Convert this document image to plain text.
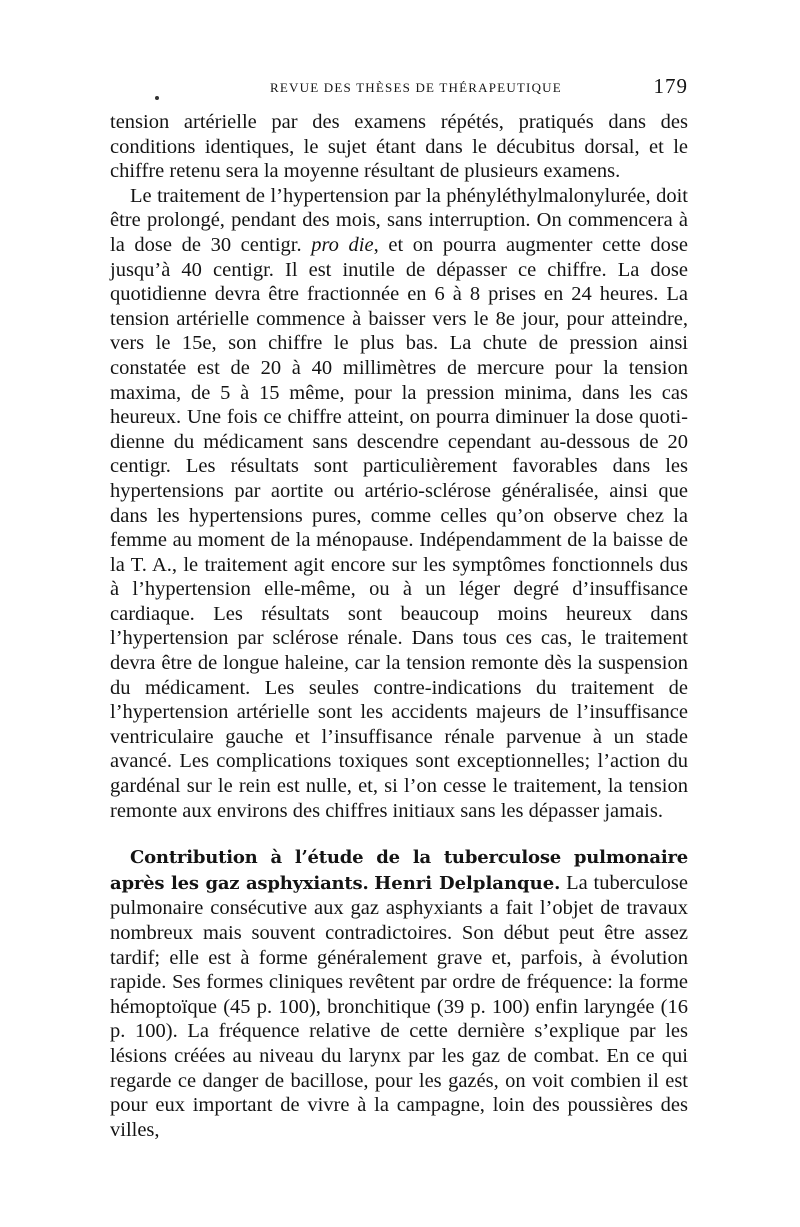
REVUE DES THÈSES DE THÉRAPEUTIQUE	179

tension artérielle par des examens répétés, pratiqués dans des conditions identiques, le sujet étant dans le décubitus dorsal, et le chiffre retenu sera la moyenne résultant de plusieurs examens.

Le traitement de l’hypertension par la phényléthylmalonylurée, doit être prolongé, pendant des mois, sans interruption. On commencera à la dose de 30 centigr. pro die, et on pourra augmenter cette dose jusqu’à 40 centigr. Il est inutile de dépasser ce chiffre. La dose quotidienne devra être fractionnée en 6 à 8 prises en 24 heures. La tension artérielle commence à baisser vers le 8e jour, pour atteindre, vers le 15e, son chiffre le plus bas. La chute de pression ainsi constatée est de 20 à 40 millimètres de mercure pour la tension maxima, de 5 à 15 même, pour la pression minima, dans les cas heureux. Une fois ce chiffre atteint, on pourra diminuer la dose quotidienne du médicament sans descendre cependant au-dessous de 20 centigr. Les résultats sont particulièrement favorables dans les hypertensions par aortite ou artério-sclérose généralisée, ainsi que dans les hypertensions pures, comme celles qu’on observe chez la femme au moment de la ménopause. Indépendamment de la baisse de la T. A., le traitement agit encore sur les symptômes fonctionnels dus à l’hypertension elle-même, ou à un léger degré d’insuffisance cardiaque. Les résultats sont beaucoup moins heureux dans l’hypertension par sclérose rénale. Dans tous ces cas, le traitement devra être de longue haleine, car la tension remonte dès la suspension du médicament. Les seules contre-indications du traitement de l’hypertension artérielle sont les accidents majeurs de l’insuffisance ventriculaire gauche et l’insuffisance rénale parvenue à un stade avancé. Les complications toxiques sont exceptionnelles; l’action du gardénal sur le rein est nulle, et, si l’on cesse le traitement, la tension remonte aux environs des chiffres initiaux sans les dépasser jamais.

Contribution à l’étude de la tuberculose pulmonaire après les gaz asphyxiants. Henri Delplanque. La tuberculose pulmonaire consécutive aux gaz asphyxiants a fait l’objet de travaux nombreux mais souvent contradictoires. Son début peut être assez tardif; elle est à forme généralement grave et, parfois, à évolution rapide. Ses formes cliniques revêtent par ordre de fréquence: la forme hémoptoïque (45 p. 100), bronchitique (39 p. 100) enfin laryngée (16 p. 100). La fréquence relative de cette dernière s’explique par les lésions créées au niveau du larynx par les gaz de combat. En ce qui regarde ce danger de bacillose, pour les gazés, on voit combien il est pour eux important de vivre à la campagne, loin des poussières des villes,
